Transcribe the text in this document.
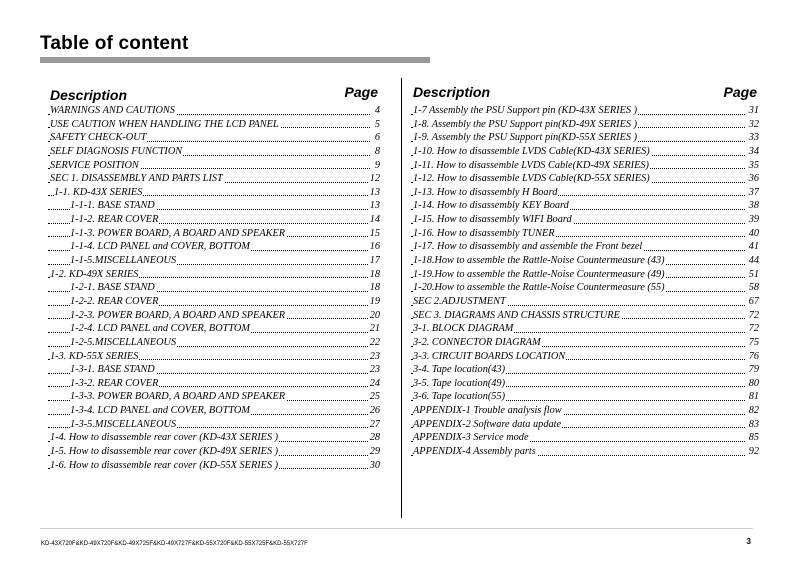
Table of content
Description	Page
WARNINGS AND CAUTIONS	4
USE CAUTION WHEN HANDLING THE LCD PANEL	5
SAFETY CHECK-OUT	6
SELF DIAGNOSIS FUNCTION	8
SERVICE POSITION	9
SEC 1. DISASSEMBLY AND PARTS LIST	12
1-1. KD-43X SERIES	13
1-1-1. BASE STAND	13
1-1-2. REAR COVER	14
1-1-3. POWER BOARD, A BOARD AND SPEAKER	15
1-1-4. LCD PANEL and COVER, BOTTOM	16
1-1-5.MISCELLANEOUS	17
1-2. KD-49X SERIES	18
1-2-1. BASE STAND	18
1-2-2. REAR COVER	19
1-2-3. POWER BOARD, A BOARD AND SPEAKER	20
1-2-4. LCD PANEL and COVER, BOTTOM	21
1-2-5.MISCELLANEOUS	22
1-3. KD-55X SERIES	23
1-3-1. BASE STAND	23
1-3-2. REAR COVER	24
1-3-3. POWER BOARD, A BOARD AND SPEAKER	25
1-3-4. LCD PANEL and COVER, BOTTOM	26
1-3-5.MISCELLANEOUS	27
1-4. How to disassemble rear cover (KD-43X SERIES )	28
1-5. How to disassemble rear cover (KD-49X SERIES )	29
1-6. How to disassemble rear cover (KD-55X SERIES )	30
Description	Page
1-7 Assembly the PSU Support pin (KD-43X SERIES )	31
1-8. Assembly the PSU Support pin(KD-49X SERIES )	32
1-9. Assembly the PSU Support pin(KD-55X SERIES )	33
1-10. How to disassemble LVDS Cable(KD-43X SERIES)	34
1-11. How to disassemble LVDS Cable(KD-49X SERIES)	35
1-12. How to disassemble LVDS Cable(KD-55X SERIES)	36
1-13. How to disassembly H Board	37
1-14. How to disassembly KEY Board	38
1-15. How to disassembly WIFI Board	39
1-16. How to disassembly TUNER	40
1-17. How to disassembly and assemble the Front bezel	41
1-18.How to assemble the Rattle-Noise Countermeasure (43)	44
1-19.How to assemble the Rattle-Noise Countermeasure (49)	51
1-20.How to assemble the Rattle-Noise Countermeasure (55)	58
SEC 2.ADJUSTMENT	67
SEC 3. DIAGRAMS AND CHASSIS STRUCTURE	72
3-1. BLOCK DIAGRAM	72
3-2. CONNECTOR DIAGRAM	75
3-3. CIRCUIT BOARDS LOCATION	76
3-4. Tape location(43)	79
3-5. Tape location(49)	80
3-6. Tape location(55)	81
APPENDIX-1 Trouble analysis flow	82
APPENDIX-2 Software data update	83
APPENDIX-3 Service mode	85
APPENDIX-4 Assembly parts	92
KD-43X720F&KD-49X720F&KD-49X725F&KD-49X727F&KD-55X720F&KD-55X725F&KD-55X727F	3
